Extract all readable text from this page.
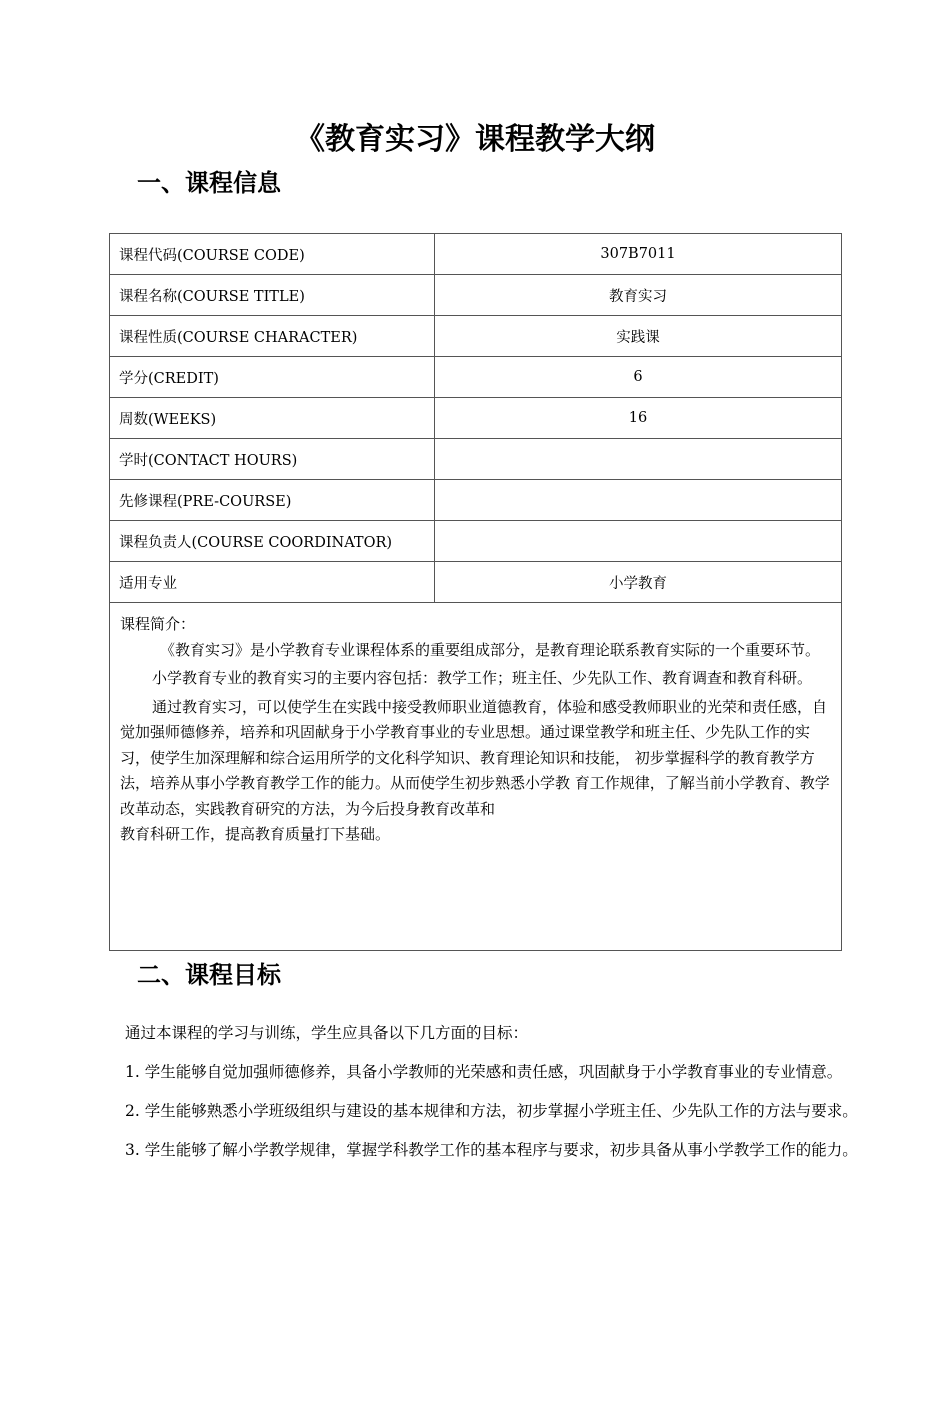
《教育实习》课程教学大纲
一、课程信息
课程代码(COURSE CODE)	307B7011
课程名称(COURSE TITLE)	教育实习
课程性质(COURSE CHARACTER)	实践课
学分(CREDIT)	6
周数(WEEKS)	16
学时(CONTACT HOURS)	
先修课程(PRE-COURSE)	
课程负责人(COURSE COORDINATOR)	
适用专业	小学教育

课程简介：

《教育实习》是小学教育专业课程体系的重要组成部分，是教育理论联系教育实际的一个重要环节。

小学教育专业的教育实习的主要内容包括：教学工作；班主任、少先队工作、教育调查和教育科研。

通过教育实习，可以使学生在实践中接受教师职业道德教育，体验和感受教师职业的光荣和责任感，自觉加强师德修养，培养和巩固献身于小学教育事业的专业思想。通过课堂教学和班主任、少先队工作的实习，使学生加深理解和综合运用所学的文化科学知识、教育理论知识和技能， 初步掌握科学的教育教学方法，培养从事小学教育教学工作的能力。从而使学生初步熟悉小学教 育工作规律，了解当前小学教育、教学改革动态，实践教育研究的方法，为今后投身教育改革和

教育科研工作，提高教育质量打下基础。	

二、课程目标

通过本课程的学习与训练，学生应具备以下几方面的目标：

1. 学生能够自觉加强师德修养，具备小学教师的光荣感和责任感，巩固献身于小学教育事业的专业情意。

2. 学生能够熟悉小学班级组织与建设的基本规律和方法，初步掌握小学班主任、少先队工作的方法与要求。

3. 学生能够了解小学教学规律，掌握学科教学工作的基本程序与要求，初步具备从事小学教学工作的能力。
